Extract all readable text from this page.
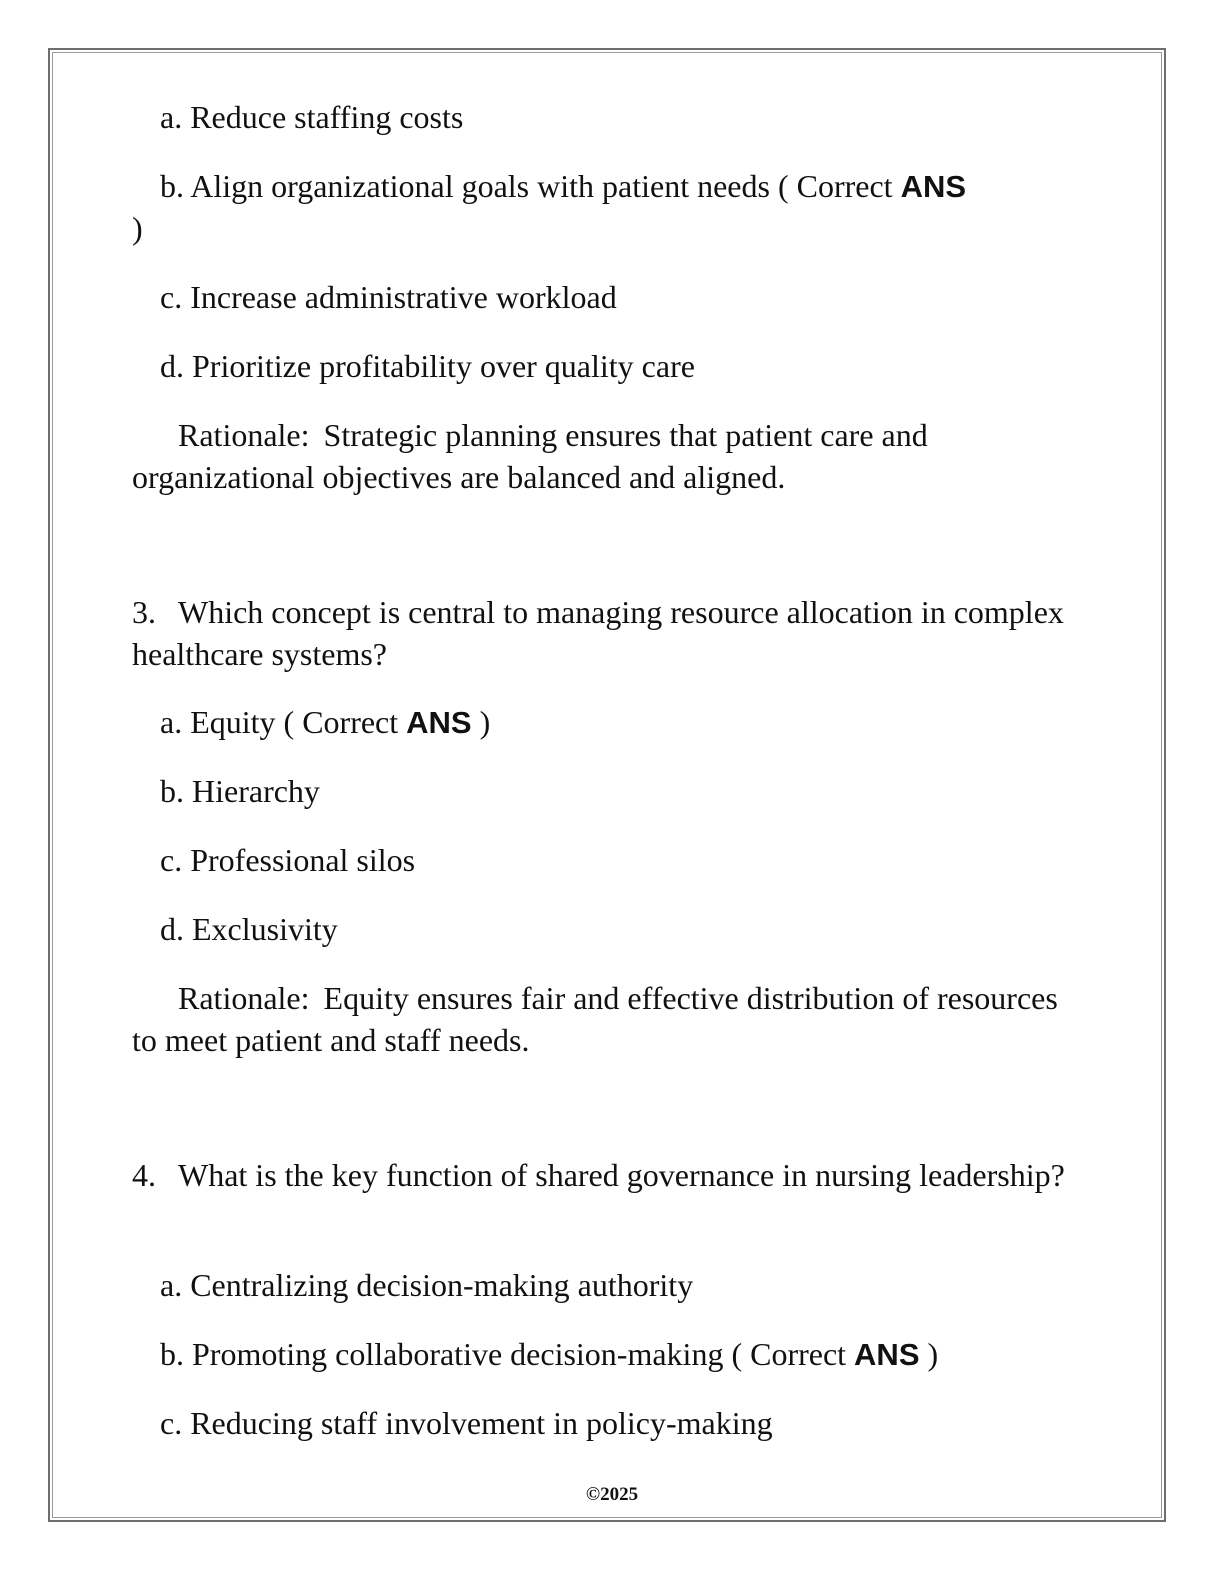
a. Reduce staffing costs
b. Align organizational goals with patient needs ( Correct ANS
)
c. Increase administrative workload
d. Prioritize profitability over quality care
Rationale: Strategic planning ensures that patient care and organizational objectives are balanced and aligned.
3. Which concept is central to managing resource allocation in complex healthcare systems?
a. Equity ( Correct ANS )
b. Hierarchy
c. Professional silos
d. Exclusivity
Rationale: Equity ensures fair and effective distribution of resources to meet patient and staff needs.
4. What is the key function of shared governance in nursing leadership?
a. Centralizing decision-making authority
b. Promoting collaborative decision-making ( Correct ANS )
c. Reducing staff involvement in policy-making
©2025
